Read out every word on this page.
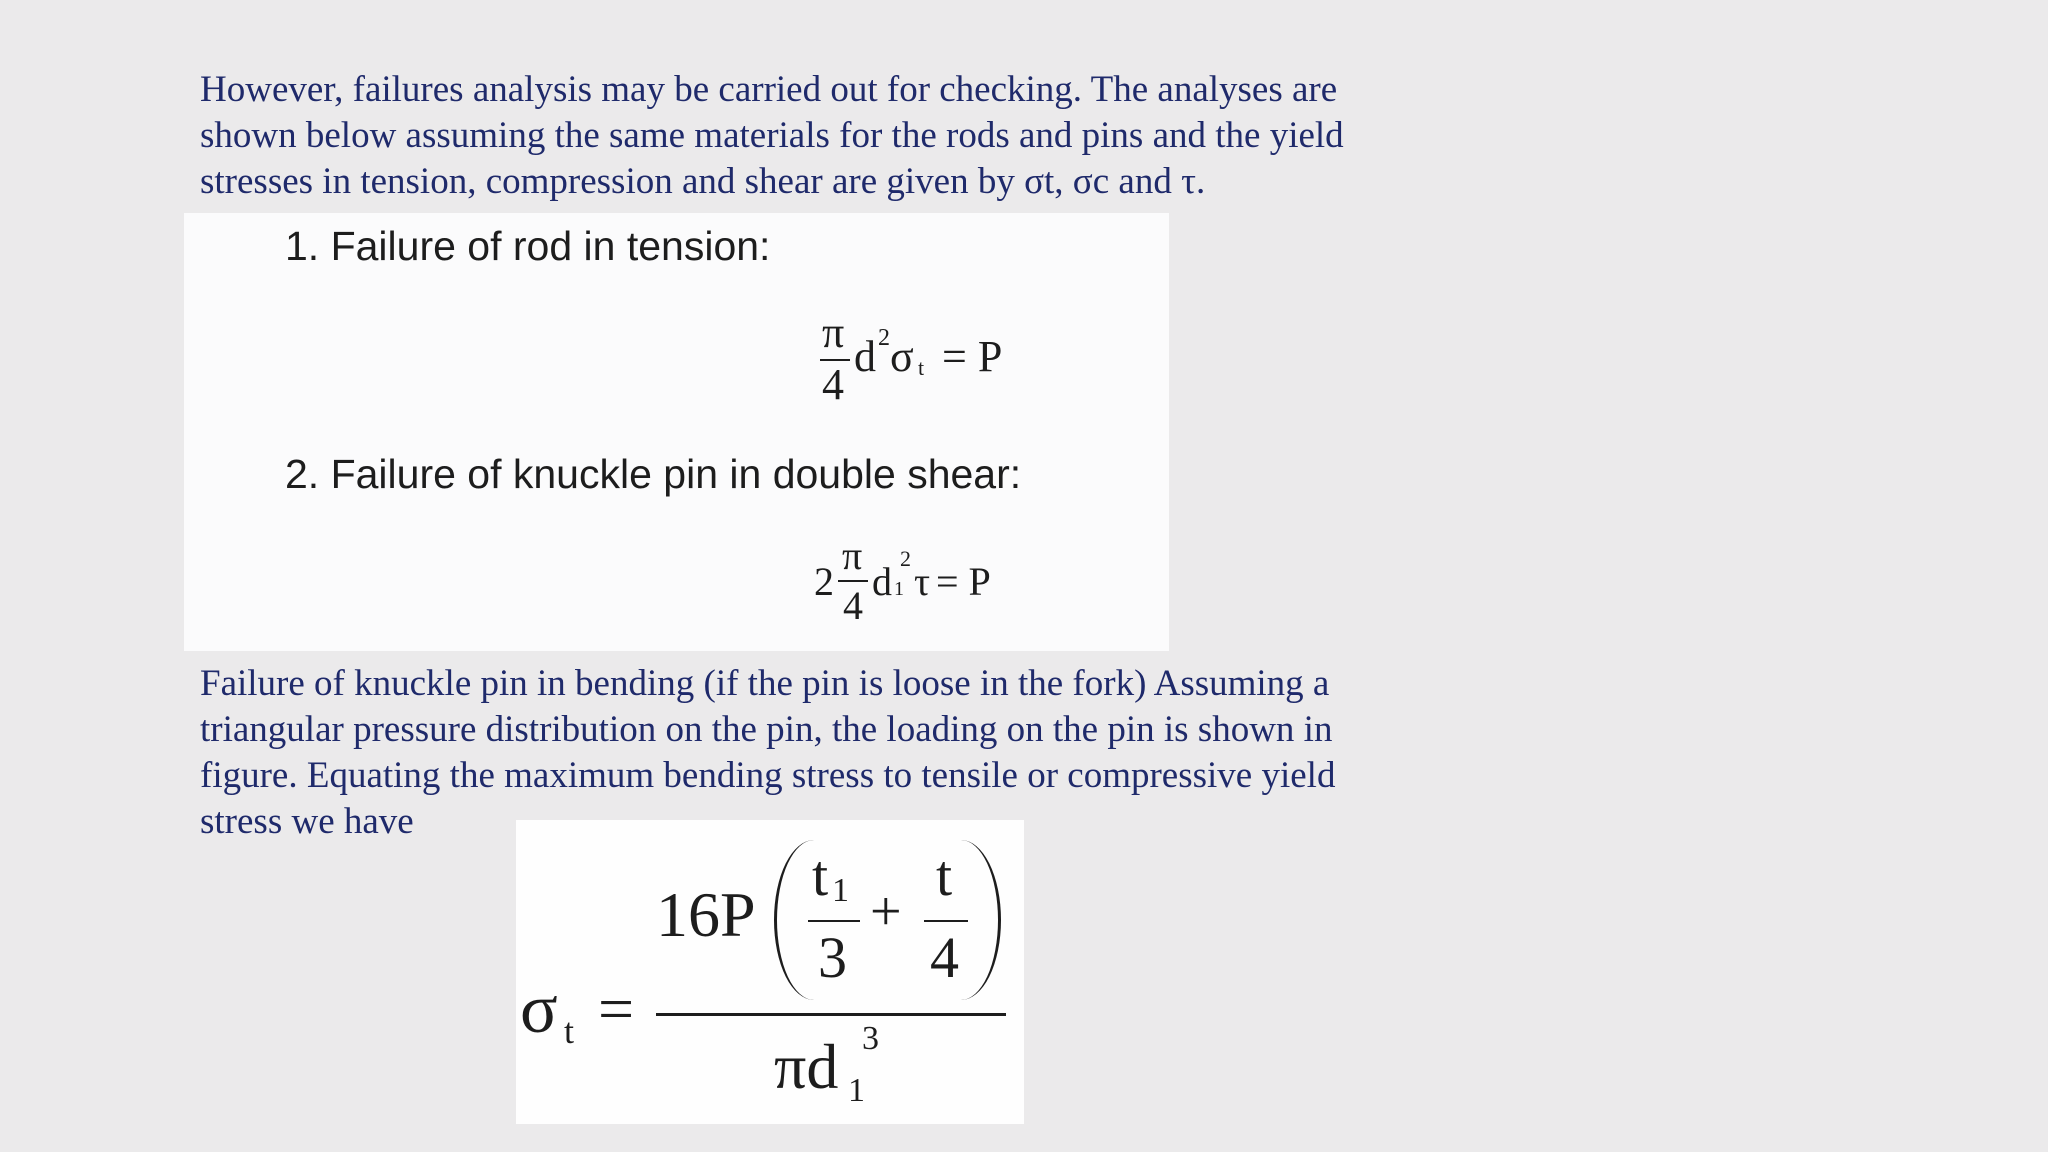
However, failures analysis may be carried out for checking. The analyses are
shown below assuming the same materials for the rods and pins and the yield
stresses in tension, compression and shear are given by σt, σc and τ.

1. Failure of rod in tension:
π
4
d 2 σ t = P
2. Failure of knuckle pin in double shear:
2
π
4
d 1
2
τ = P

Failure of knuckle pin in bending (if the pin is loose in the fork) Assuming a
triangular pressure distribution on the pin, the loading on the pin is shown in
figure. Equating the maximum bending stress to tensile or compressive yield
stress we have

σ t =
16P
t 1
3
+
t
4
πd 1
3
